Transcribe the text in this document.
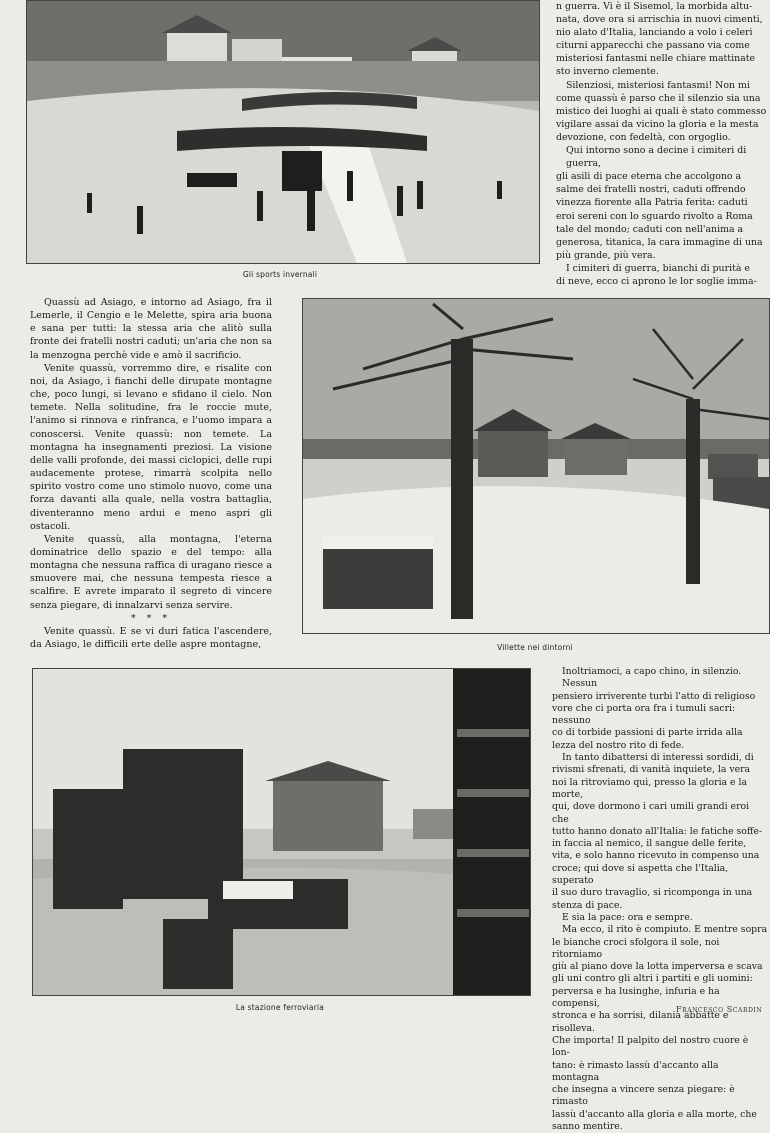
Gli sports invernali
n guerra. Vi è il Sisemol, la morbida altu-
nata, dove ora si arrischia in nuovi cimenti,
nio alato d'Italia, lanciando a volo i celeri
citurni apparecchi che passano via come
misteriosi fantasmi nelle chiare mattinate
sto inverno clemente.
Silenziosi, misteriosi fantasmi! Non mi
come quassù è parso che il silenzio sia una
mistico dei luoghi ai quali è stato commesso
vigilare assai da vicino la gloria e la mesta
devozione, con fedeltà, con orgoglio.
Qui intorno sono a decine i cimiteri di guerra,
gli asili di pace eterna che accolgono a
salme dei fratelli nostri, caduti offrendo
vinezza fiorente alla Patria ferita: caduti
eroi sereni con lo sguardo rivolto a Roma
tale del mondo; caduti con nell'anima a
generosa, titanica, la cara immagine di una
più grande, più vera.
I cimiteri di guerra, bianchi di purità e
di neve, ecco ci aprono le lor soglie imma-

Quassù ad Asiago, e intorno ad Asiago, fra il Lemerle, il Cengio e le Melette, spira aria buona e sana per tutti: la stessa aria che alitò sulla fronte dei fratelli nostri caduti; un'aria che non sa la menzogna perchè vide e amò il sacrificio.

Venite quassù, vorremmo dire, e risalite con noi, da Asiago, i fianchi delle dirupate montagne che, poco lungi, si levano e sfidano il cielo. Non temete. Nella solitudine, fra le roccie mute, l'animo si rinnova e rinfranca, e l'uomo impara a conoscersi. Venite quassù: non temete. La montagna ha insegnamenti preziosi. La visione delle valli profonde, dei massi ciclopici, delle rupi audacemente protese, rimarrà scolpita nello spirito vostro come uno stimolo nuovo, come una forza davanti alla quale, nella vostra battaglia, diventeranno meno ardui e meno aspri gli ostacoli.

Venite quassù, alla montagna, l'eterna dominatrice dello spazio e del tempo: alla montagna che nessuna raffica di uragano riesce a smuovere mai, che nessuna tempesta riesce a scalfire. E avrete imparato il segreto di vincere senza piegare, di innalzarvi senza servire.

* * *

Venite quassù. E se vi duri fatica l'ascendere, da Asiago, le difficili erte delle aspre montagne,	Villette nei dintorni
La stazione ferroviaria
Inoltriamoci, a capo chino, in silenzio. Nessun
pensiero irriverente turbi l'atto di religioso
vore che ci porta ora fra i tumuli sacri: nessuno
co di torbide passioni di parte irrida alla
lezza del nostro rito di fede.
In tanto dibattersi di interessi sordidi, di
rivismi sfrenati, di vanità inquiete, la vera
noi la ritroviamo qui, presso la gloria e la morte,
qui, dove dormono i cari umili grandi eroi che
tutto hanno donato all'Italia: le fatiche soffe-
in faccia al nemico, il sangue delle ferite,
vita, e solo hanno ricevuto in compenso una
croce; qui dove si aspetta che l'Italia, superato
il suo duro travaglio, si ricomponga in una
stenza di pace.
E sia la pace: ora e sempre.
Ma ecco, il rito è compiuto. E mentre sopra
le bianche croci sfolgora il sole, noi ritorniamo
giù al piano dove la lotta imperversa e scava
gli uni contro gli altri i partiti e gli uomini:
perversa e ha lusinghe, infuria e ha compensi,
stronca e ha sorrisi, dilania abbatte e risolleva.
Che importa! Il palpito del nostro cuore è lon-
tano: è rimasto lassù d'accanto alla montagna
che insegna a vincere senza piegare: è rimasto
lassù d'accanto alla gloria e alla morte, che
sanno mentire.
Francesco Scardin
